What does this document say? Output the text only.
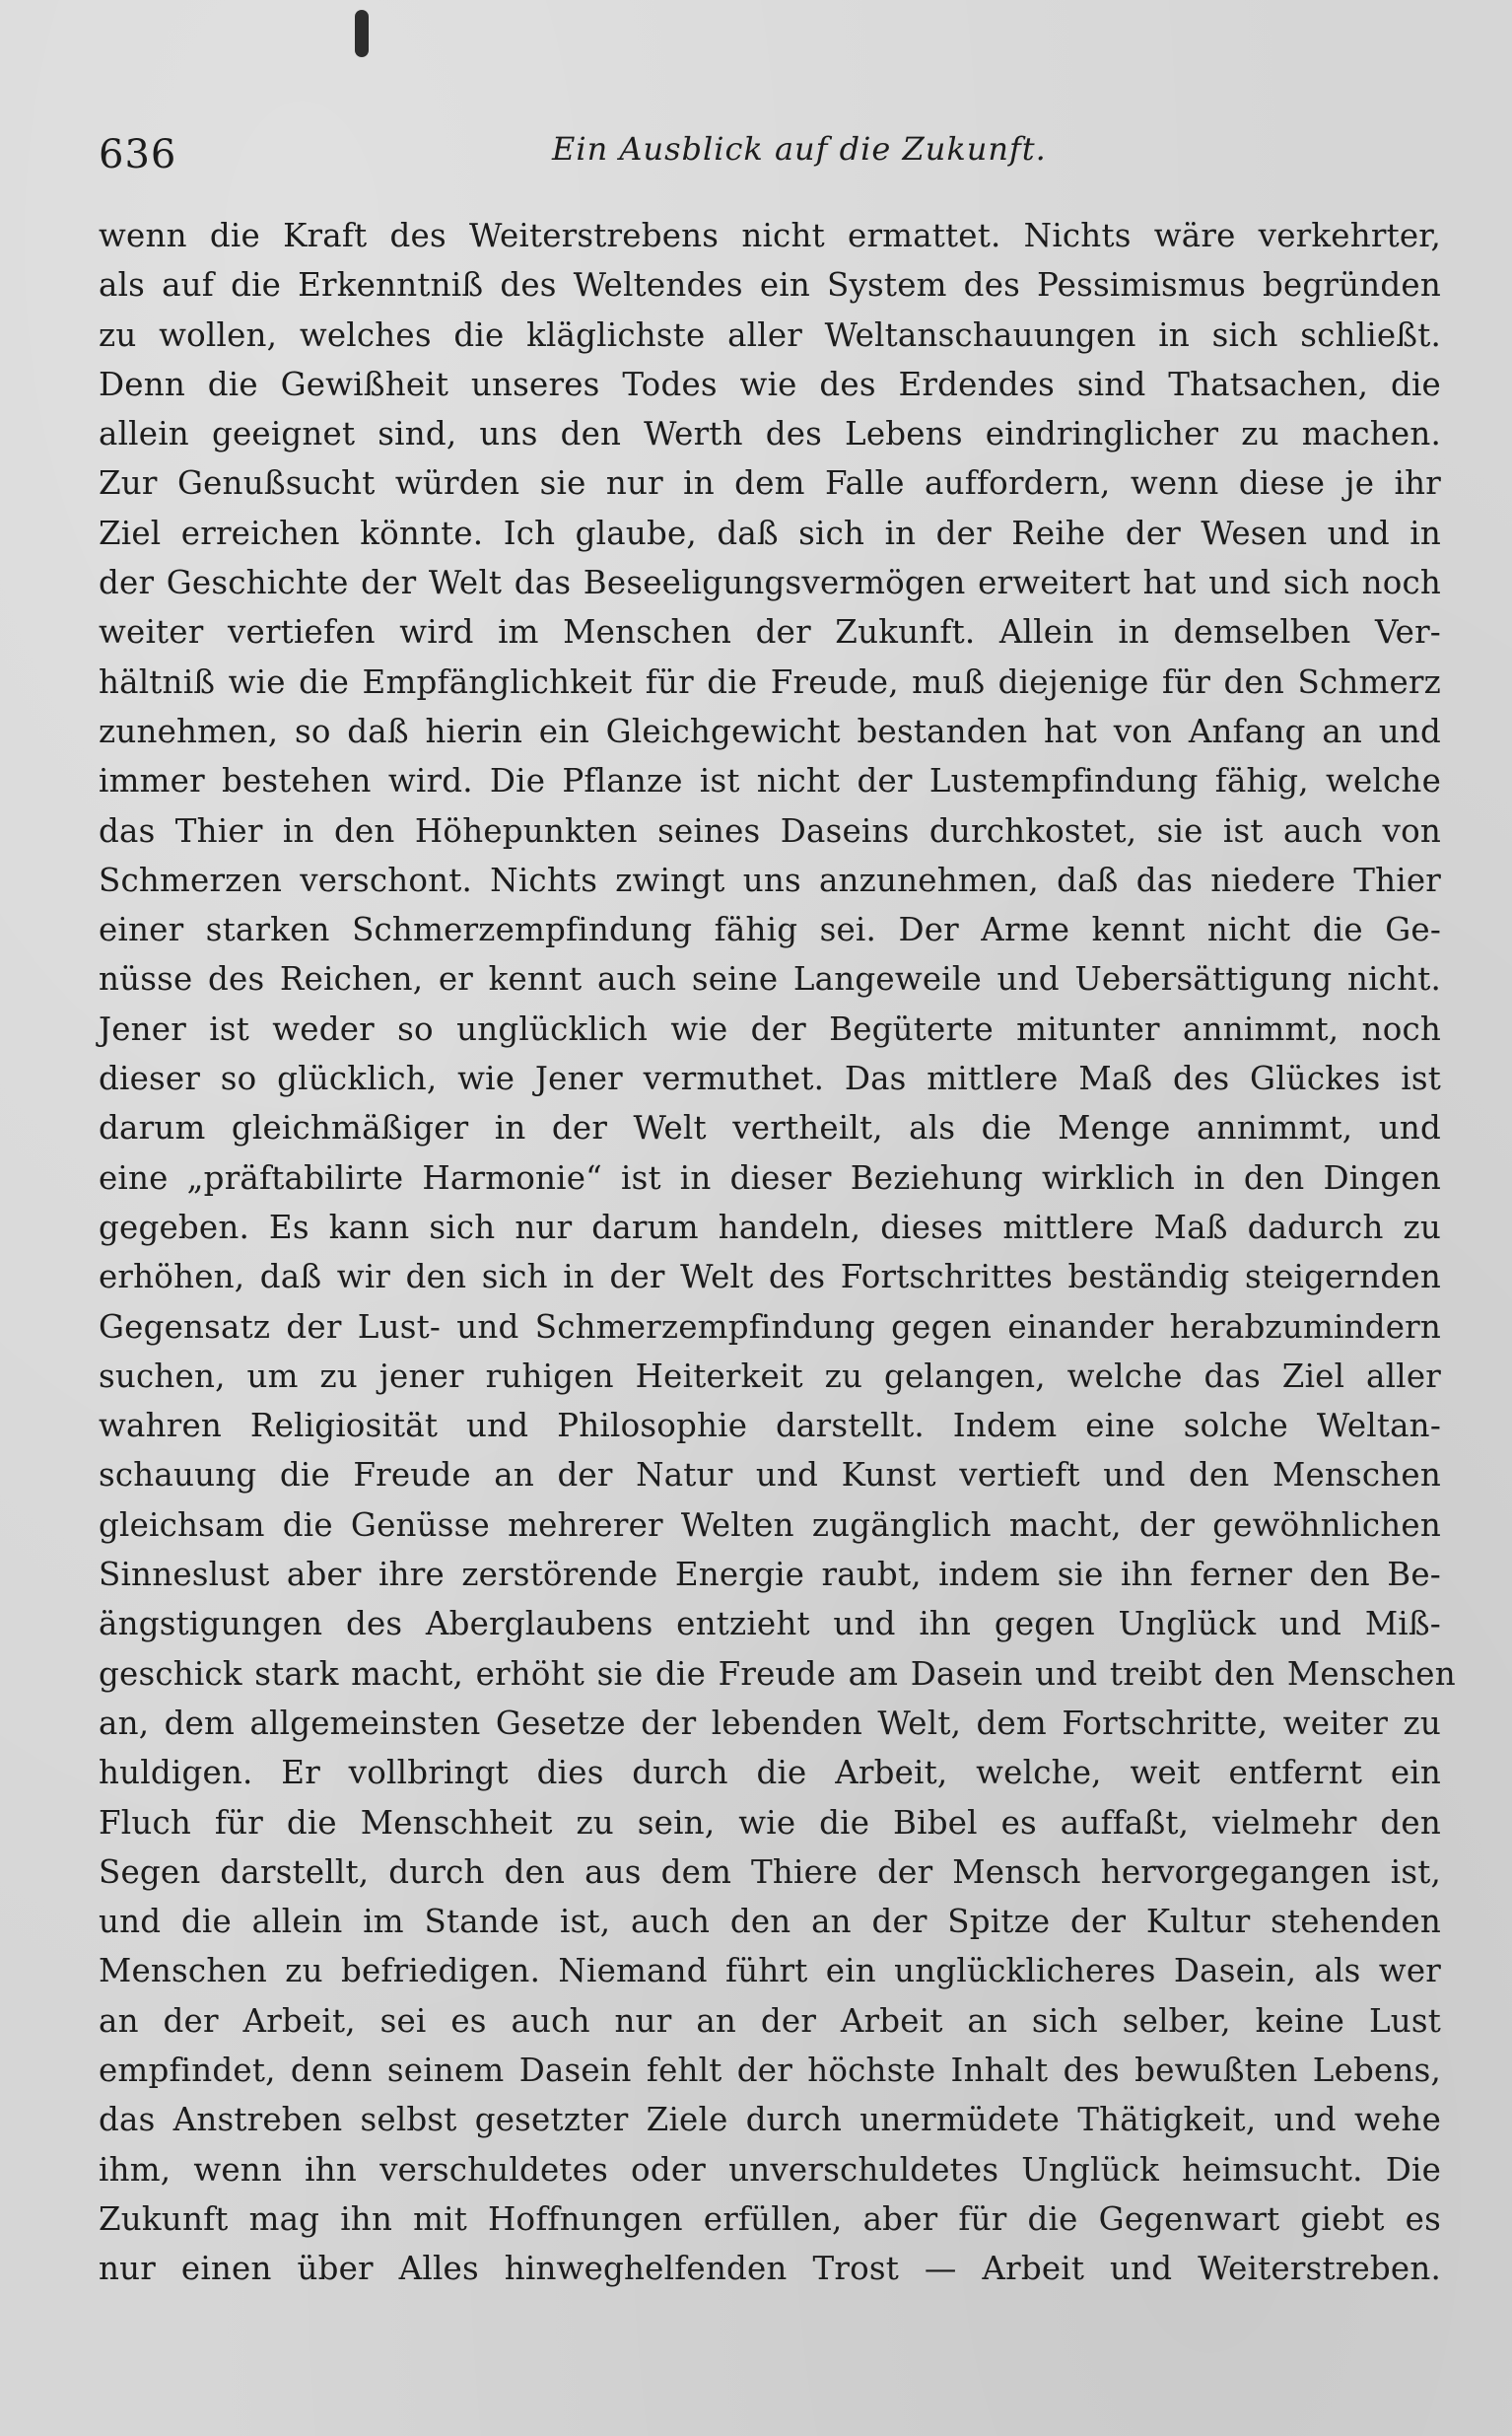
636	Ein Ausblick auf die Zukunft.
wenn die Kraft des Weiterstrebens nicht ermattet. Nichts wäre verkehrter,
als auf die Erkenntniß des Weltendes ein System des Pessimismus begründen
zu wollen, welches die kläglichste aller Weltanschauungen in sich schließt.
Denn die Gewißheit unseres Todes wie des Erdendes sind Thatsachen, die
allein geeignet sind, uns den Werth des Lebens eindringlicher zu machen.
Zur Genußsucht würden sie nur in dem Falle auffordern, wenn diese je ihr
Ziel erreichen könnte. Ich glaube, daß sich in der Reihe der Wesen und in
der Geschichte der Welt das Beseeligungsvermögen erweitert hat und sich noch
weiter vertiefen wird im Menschen der Zukunft. Allein in demselben Ver-
hältniß wie die Empfänglichkeit für die Freude, muß diejenige für den Schmerz
zunehmen, so daß hierin ein Gleichgewicht bestanden hat von Anfang an und
immer bestehen wird. Die Pflanze ist nicht der Lustempfindung fähig, welche
das Thier in den Höhepunkten seines Daseins durchkostet, sie ist auch von
Schmerzen verschont. Nichts zwingt uns anzunehmen, daß das niedere Thier
einer starken Schmerzempfindung fähig sei. Der Arme kennt nicht die Ge-
nüsse des Reichen, er kennt auch seine Langeweile und Uebersättigung nicht.
Jener ist weder so unglücklich wie der Begüterte mitunter annimmt, noch
dieser so glücklich, wie Jener vermuthet. Das mittlere Maß des Glückes ist
darum gleichmäßiger in der Welt vertheilt, als die Menge annimmt, und
eine „präftabilirte Harmonie“ ist in dieser Beziehung wirklich in den Dingen
gegeben. Es kann sich nur darum handeln, dieses mittlere Maß dadurch zu
erhöhen, daß wir den sich in der Welt des Fortschrittes beständig steigernden
Gegensatz der Lust- und Schmerzempfindung gegen einander herabzumindern
suchen, um zu jener ruhigen Heiterkeit zu gelangen, welche das Ziel aller
wahren Religiosität und Philosophie darstellt. Indem eine solche Weltan-
schauung die Freude an der Natur und Kunst vertieft und den Menschen
gleichsam die Genüsse mehrerer Welten zugänglich macht, der gewöhnlichen
Sinneslust aber ihre zerstörende Energie raubt, indem sie ihn ferner den Be-
ängstigungen des Aberglaubens entzieht und ihn gegen Unglück und Miß-
geschick stark macht, erhöht sie die Freude am Dasein und treibt den Menschen
an, dem allgemeinsten Gesetze der lebenden Welt, dem Fortschritte, weiter zu
huldigen. Er vollbringt dies durch die Arbeit, welche, weit entfernt ein
Fluch für die Menschheit zu sein, wie die Bibel es auffaßt, vielmehr den
Segen darstellt, durch den aus dem Thiere der Mensch hervorgegangen ist,
und die allein im Stande ist, auch den an der Spitze der Kultur stehenden
Menschen zu befriedigen. Niemand führt ein unglücklicheres Dasein, als wer
an der Arbeit, sei es auch nur an der Arbeit an sich selber, keine Lust
empfindet, denn seinem Dasein fehlt der höchste Inhalt des bewußten Lebens,
das Anstreben selbst gesetzter Ziele durch unermüdete Thätigkeit, und wehe
ihm, wenn ihn verschuldetes oder unverschuldetes Unglück heimsucht. Die
Zukunft mag ihn mit Hoffnungen erfüllen, aber für die Gegenwart giebt es
nur einen über Alles hinweghelfenden Trost — Arbeit und Weiterstreben.
